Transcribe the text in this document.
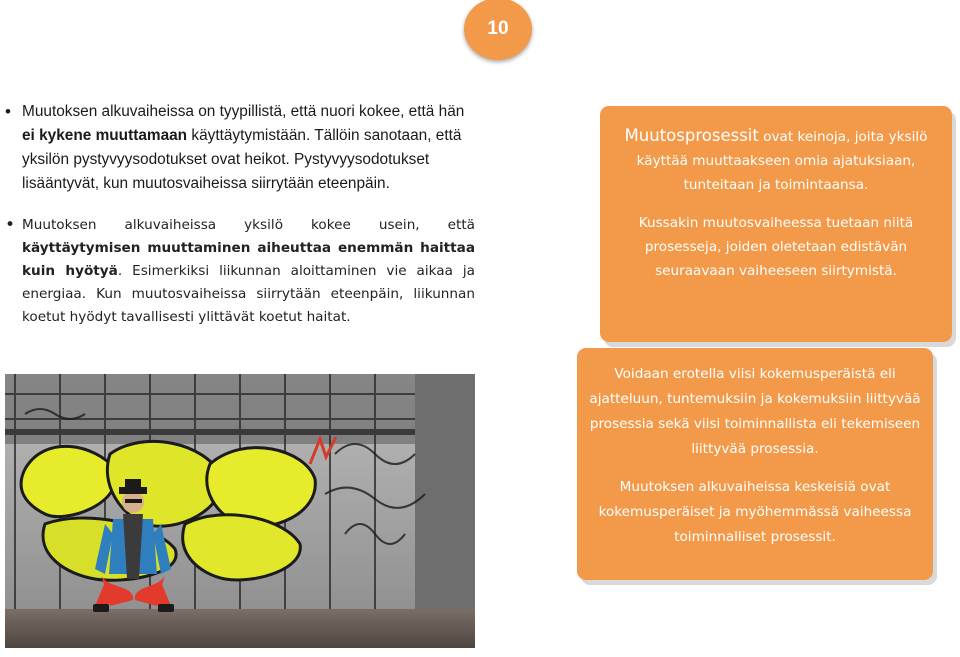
10
• Muutoksen alkuvaiheissa on tyypillistä, että nuori kokee, että hän ei kykene muuttamaan käyttäytymistään. Tällöin sanotaan, että yksilön pystyvyysodotukset ovat heikot. Pystyvyysodotukset lisääntyvät, kun muutosvaiheissa siirrytään eteenpäin.
• Muutoksen alkuvaiheissa yksilö kokee usein, että käyttäytymisen muuttaminen aiheuttaa enemmän haittaa kuin hyötyä. Esimerkiksi liikunnan aloittaminen vie aikaa ja energiaa. Kun muutosvaiheissa siirrytään eteenpäin, liikunnan koetut hyödyt tavallisesti ylittävät koetut haitat.
Muutosprosessit ovat keinoja, joita yksilö käyttää muuttaakseen omia ajatuksiaan, tunteitaan ja toimintaansa.
Kussakin muutosvaiheessa tuetaan niitä prosesseja, joiden oletetaan edistävän seuraavaan vaiheeseen siirtymistä.
Voidaan erotella viisi kokemusperäistä eli ajatteluun, tuntemuksiin ja kokemuksiin liittyvää prosessia sekä viisi toiminnallista eli tekemiseen liittyvää prosessia.
Muutoksen alkuvaiheissa keskeisiä ovat kokemusperäiset ja myöhemmässä vaiheessa toiminnalliset prosessit.
